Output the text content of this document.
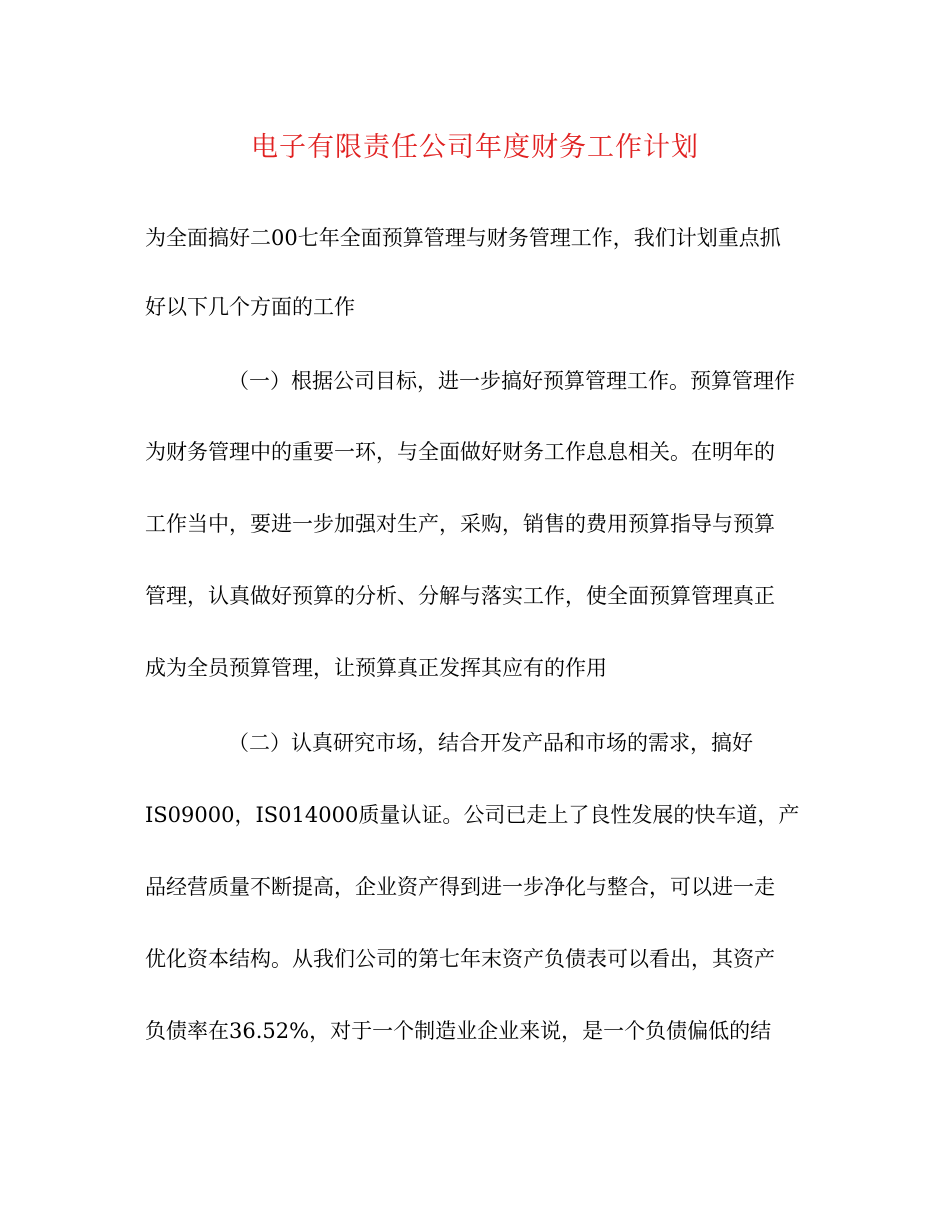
电子有限责任公司年度财务工作计划
为全面搞好二00七年全面预算管理与财务管理工作，我们计划重点抓
好以下几个方面的工作
（一）根据公司目标，进一步搞好预算管理工作。预算管理作
为财务管理中的重要一环，与全面做好财务工作息息相关。在明年的
工作当中，要进一步加强对生产，采购，销售的费用预算指导与预算
管理，认真做好预算的分析、分解与落实工作，使全面预算管理真正
成为全员预算管理，让预算真正发挥其应有的作用
（二）认真研究市场，结合开发产品和市场的需求，搞好
IS09000，IS014000质量认证。公司已走上了良性发展的快车道，产
品经营质量不断提高，企业资产得到进一步净化与整合，可以进一走
优化资本结构。从我们公司的第七年末资产负债表可以看出，其资产
负债率在36.52%，对于一个制造业企业来说，是一个负债偏低的结
